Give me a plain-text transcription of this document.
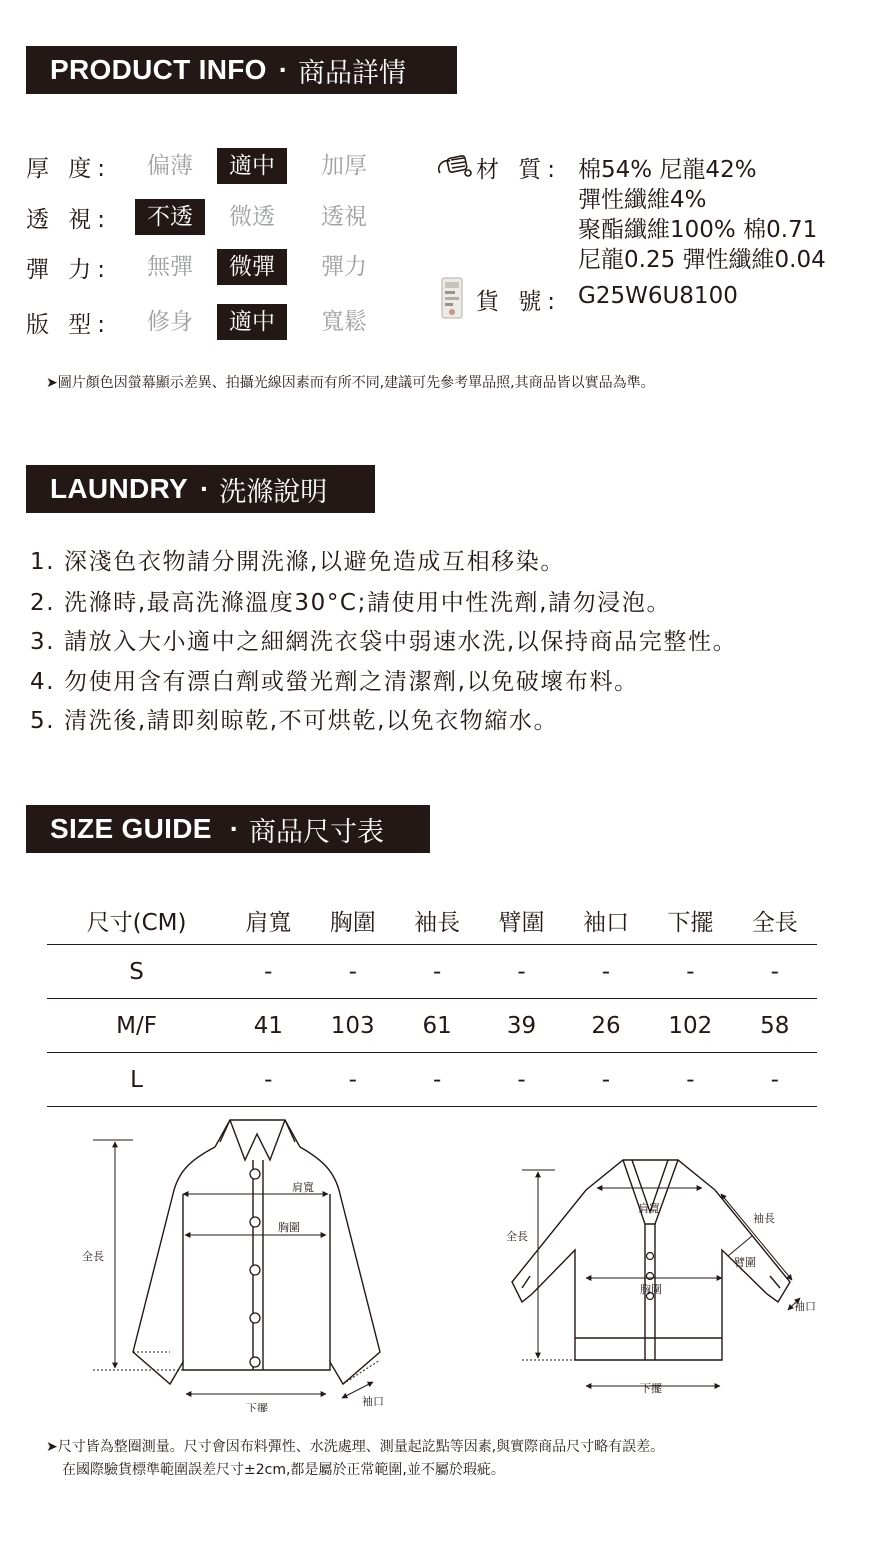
PRODUCT INFO · 商品詳情
厚 度:	偏薄	適中	加厚
透 視:	不透	微透	透視
彈 力:	無彈	微彈	彈力
版 型:	修身	適中	寬鬆
材 質: 棉54% 尼龍42%
彈性纖維4%
聚酯纖維100% 棉0.71
尼龍0.25 彈性纖維0.04
貨 號: G25W6U8100
➤圖片顏色因螢幕顯示差異、拍攝光線因素而有所不同,建議可先參考單品照,其商品皆以實品為準。
LAUNDRY · 洗滌說明

1. 深淺色衣物請分開洗滌,以避免造成互相移染。

2. 洗滌時,最高洗滌溫度30°C;請使用中性洗劑,請勿浸泡。

3. 請放入大小適中之細網洗衣袋中弱速水洗,以保持商品完整性。

4. 勿使用含有漂白劑或螢光劑之清潔劑,以免破壞布料。

5. 清洗後,請即刻晾乾,不可烘乾,以免衣物縮水。

SIZE GUIDE · 商品尺寸表
尺寸(CM)	肩寬	胸圍	袖長	臂圍	袖口	下擺	全長
S	-	-	-	-	-	-	-
M/F	41	103	61	39	26	102	58
L	-	-	-	-	-	-	-
肩寬
胸圍
全長
下擺
袖口
肩寬
袖長
全長
臂圍
胸圍
袖口
下擺
➤尺寸皆為整圈測量。尺寸會因布料彈性、水洗處理、測量起訖點等因素,與實際商品尺寸略有誤差。
在國際驗貨標準範圍誤差尺寸±2cm,都是屬於正常範圍,並不屬於瑕疵。
